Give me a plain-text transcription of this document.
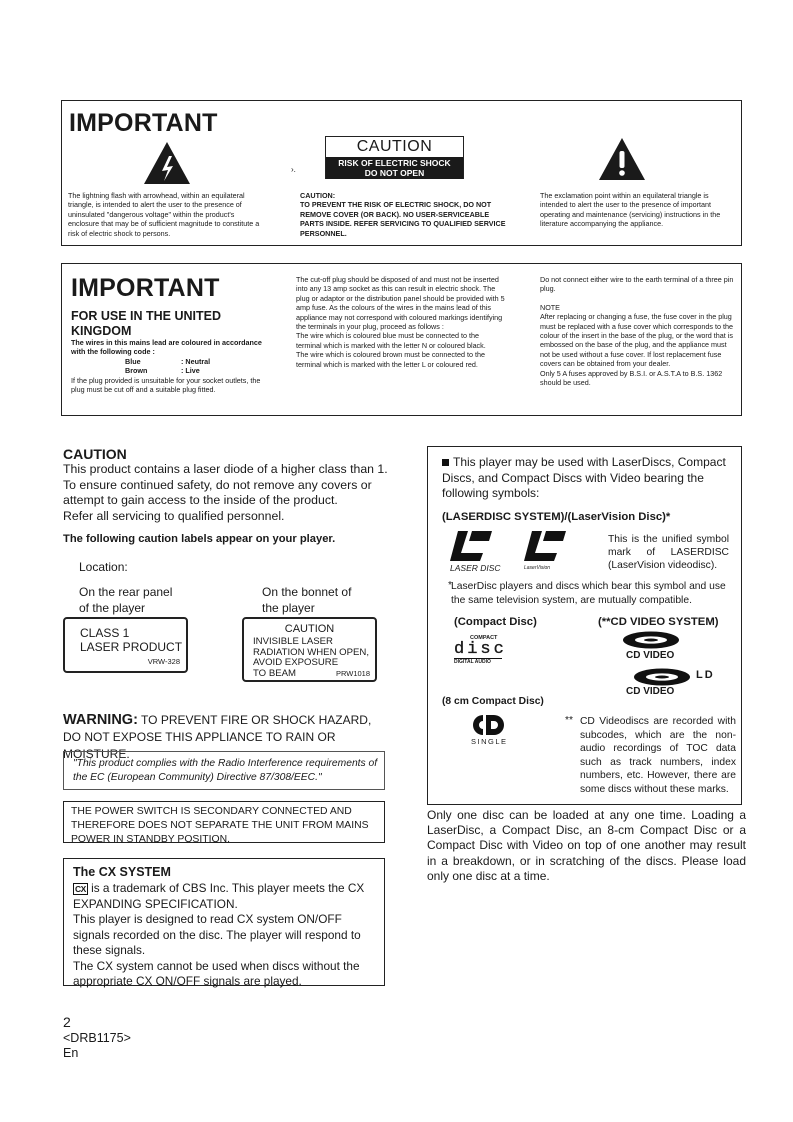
IMPORTANT
The lightning flash with arrowhead, within an equilateral triangle, is intended to alert the user to the presence of uninsulated "dangerous voltage" within the product's enclosure that may be of sufficient magnitude to constitute a risk of electric shock to persons.
CAUTION
RISK OF ELECTRIC SHOCK
DO NOT OPEN
›.

CAUTION:

TO PREVENT THE RISK OF ELECTRIC SHOCK, DO NOT REMOVE COVER (OR BACK). NO USER-SERVICEABLE PARTS INSIDE. REFER SERVICING TO QUALIFIED SERVICE PERSONNEL.

The exclamation point within an equilateral triangle is intended to alert the user to the presence of important operating and maintenance (servicing) instructions in the literature accompanying the appliance.
IMPORTANT
FOR USE IN THE UNITED KINGDOM

The wires in this mains lead are coloured in accordance with the following code :

Blue	: Neutral

Brown	: Live

If the plug provided is unsuitable for your socket outlets, the plug must be cut off and a suitable plug fitted.

The cut-off plug should be disposed of and must not be inserted into any 13 amp socket as this can result in electric shock. The plug or adaptor or the distribution panel should be provided with 5 amp fuse. As the colours of the wires in the mains lead of this appliance may not correspond with coloured markings identifying the terminals in your plug, proceed as follows :

The wire which is coloured blue must be connected to the terminal which is marked with the letter N or coloured black.

The wire which is coloured brown must be connected to the terminal which is marked with the letter L or coloured red.

Do not connect either wire to the earth terminal of a three pin plug.

NOTE

After replacing or changing a fuse, the fuse cover in the plug must be replaced with a fuse cover which corresponds to the colour of the insert in the base of the plug, or the word that is embossed on the base of the plug, and the appliance must not be used without a fuse cover. If lost replacement fuse covers can be obtained from your dealer.

Only 5 A fuses approved by B.S.I. or A.S.T.A to B.S. 1362 should be used.

CAUTION
This product contains a laser diode of a higher class than 1. To ensure continued safety, do not remove any covers or attempt to gain access to the inside of the product.
Refer all servicing to qualified personnel.
The following caution labels appear on your player.
Location:
On the rear panel
of the player
On the bonnet of
the player
CLASS 1
LASER PRODUCT
VRW-328
CAUTION
INVISIBLE LASER
RADIATION WHEN OPEN,
AVOID EXPOSURE
TO BEAM	PRW1018
WARNING: TO PREVENT FIRE OR SHOCK HAZARD, DO NOT EXPOSE THIS APPLIANCE TO RAIN OR MOISTURE.
"This product complies with the Radio Interference requirements of the EC (European Community) Directive 87/308/EEC."
THE POWER SWITCH IS SECONDARY CONNECTED AND THEREFORE DOES NOT SEPARATE THE UNIT FROM MAINS POWER IN STANDBY POSITION.
The CX SYSTEM
CX is a trademark of CBS Inc. This player meets the CX EXPANDING SPECIFICATION.
This player is designed to read CX system ON/OFF signals recorded on the disc. The player will respond to these signals.
The CX system cannot be used when discs without the appropriate CX ON/OFF signals are played.
This player may be used with LaserDiscs, Compact Discs, and Compact Discs with Video bearing the following symbols:
(LASERDISC SYSTEM)/(LaserVision Disc)*
LASER DISC	LaserVision
This is the unified symbol mark of LASERDISC (LaserVision videodisc).
*
LaserDisc players and discs which bear this symbol and use the same television system, are mutually compatible.
(Compact Disc)	(**CD VIDEO SYSTEM)
COMPACT
disc
DIGITAL AUDIO
CD VIDEO
LD
CD VIDEO
(8 cm Compact Disc)
SINGLE
** CD Videodiscs are recorded with subcodes, which are the non-audio recordings of TOC data such as track numbers, index numbers, etc. However, there are some discs without these marks.
Only one disc can be loaded at any one time. Loading a LaserDisc, a Compact Disc, an 8-cm Compact Disc or a Compact Disc with Video on top of one another may result in a breakdown, or in scratching of the discs. Please load only one disc at a time.
2
<DRB1175>
En
